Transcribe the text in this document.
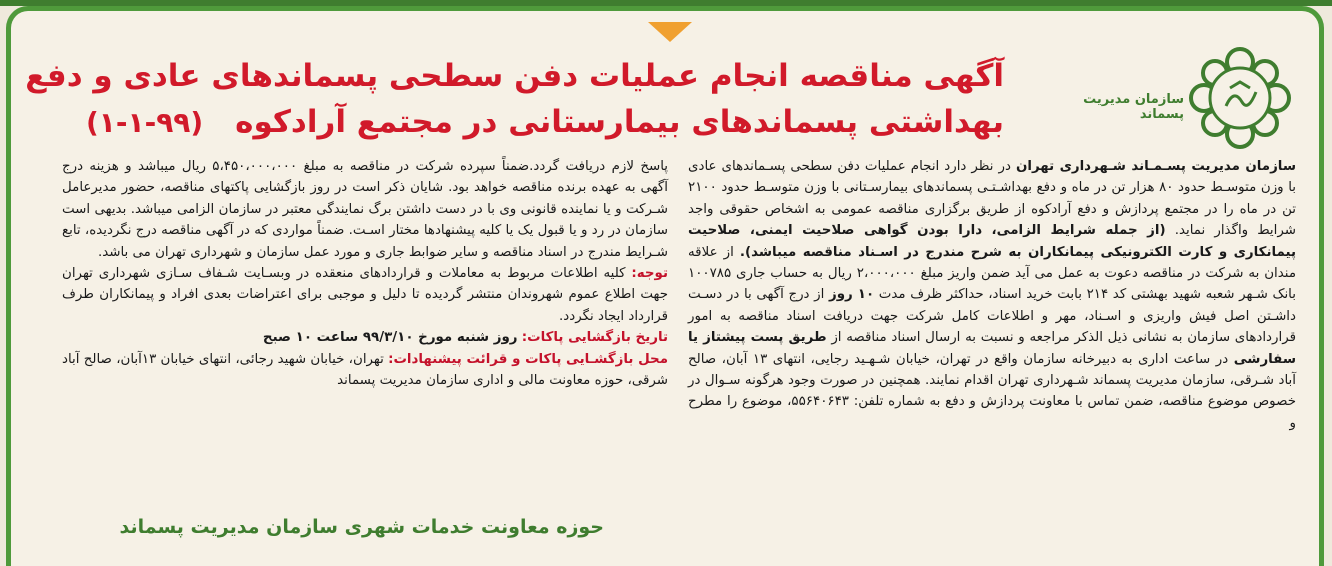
سازمان مدیریت پسماند
آگهی مناقصه انجام عملیات دفن سطحی پسماندهای عادی و دفع
بهداشتی پسماندهای بیمارستانی در مجتمع آرادکوه
(۱-۱-۹۹)

سازمان مدیریت پسـمـاند شـهرداری تهران در نظر دارد انجام عملیات دفن سطحی پسـماندهای عادی با وزن متوسـط حدود ۸۰ هزار تن در ماه و دفع بهداشـتـی پسماندهای بیمارسـتانی با وزن متوسـط حدود ۲۱۰۰ تن در ماه را در مجتمع پردازش و دفع آرادکوه از طریق برگزاری مناقصه عمومی به اشخاص حقوقی واجد شرایط واگذار نماید. (از جمله شرایط الزامی، دارا بودن گواهی صلاحیت ایمنی، صلاحیت پیمانکاری و کارت الکترونیکی پیمانکاران به شرح مندرج در اسـناد مناقصه میباشد). از علاقه مندان به شرکت در مناقصه دعوت به عمل می آید ضمن واریز مبلغ ۲،۰۰۰،۰۰۰ ریال به حساب جاری ۱۰۰۷۸۵ بانک شـهر شعبه شهید بهشتی کد ۲۱۴ بابت خرید اسناد، حداکثر ظرف مدت ۱۰ روز از درج آگهی با در دسـت داشـتن اصل فیش واریزی و اسـناد، مهر و اطلاعات کامل شرکت جهت دریافت اسناد مناقصه به امور قراردادهای سازمان به نشانی ذیل الذکر مراجعه و نسبت به ارسال اسناد مناقصه از طریق پست پیشتاز یا سفارشی در ساعت اداری به دبیرخانه سازمان واقع در تهران، خیابان شـهـید رجایی، انتهای ۱۳ آبان، صالح آباد شـرقی، سازمان مدیریت پسماند شـهرداری تهران اقدام نمایند. همچنین در صورت وجود هرگونه سـوال در خصوص موضوع مناقصه، ضمن تماس با معاونت پردازش و دفع به شماره تلفن: ۵۵۶۴۰۶۴۳، موضوع را مطرح و

پاسخ لازم دریافت گردد.ضمناً سپرده شرکت در مناقصه به مبلغ ۵،۴۵۰،۰۰۰،۰۰۰ ریال میباشد و هزینه درج آگهی به عهده برنده مناقصه خواهد بود. شایان ذکر است در روز بازگشایی پاکتهای مناقصه، حضور مدیرعامل شـرکت و یا نماینده قانونی وی با در دست داشتن برگ نمایندگی معتبر در سازمان الزامی میباشد. بدیهی است سازمان در رد و یا قبول یک یا کلیه پیشنهادها مختار اسـت. ضمناً مواردی که در آگهی مناقصه درج نگردیده، تابع شـرایط مندرج در اسناد مناقصه و سایر ضوابط جاری و مورد عمل سازمان و شهرداری تهران می باشد.

توجه: کلیه اطلاعات مربوط به معاملات و قراردادهای منعقده در وبسـایت شـفاف سـازی شهرداری تهران جهت اطلاع عموم شهروندان منتشر گردیده تا دلیل و موجبی برای اعتراضات بعدی افراد و پیمانکاران طرف قرارداد ایجاد نگردد.

تاریخ بازگشایی پاکات: روز شنبه مورخ ۹۹/۳/۱۰ ساعت ۱۰ صبح

محل بازگشـایی پاکات و قرائت پیشنهادات: تهران، خیابان شهید رجائی، انتهای خیابان ۱۳آبان، صالح آباد شرقی، حوزه معاونت مالی و اداری سازمان مدیریت پسماند

حوزه معاونت خدمات شهری سازمان مدیریت پسماند
